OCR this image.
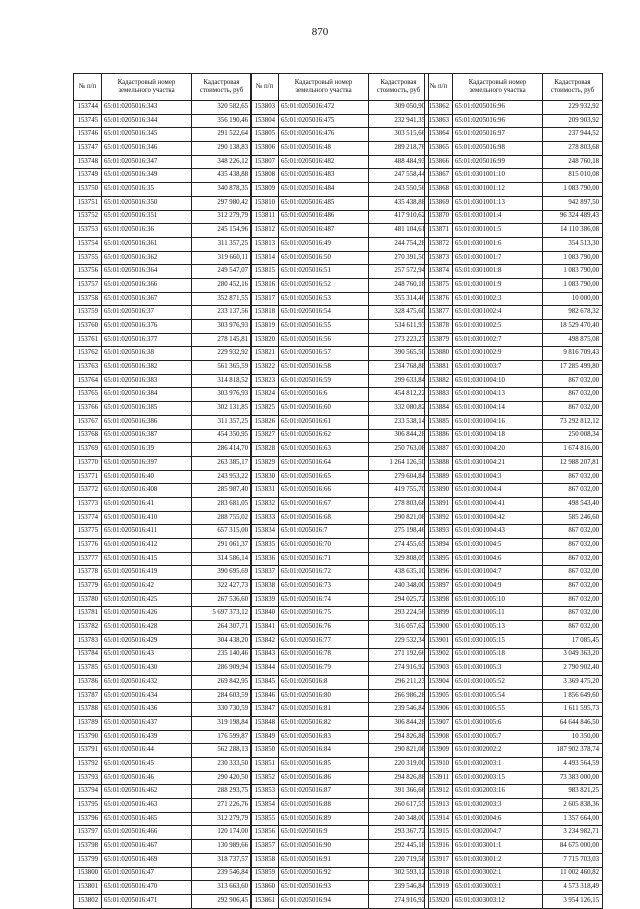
870
№ п/п	Кадастровый номер земельного участка	Кадастровая стоимость, руб
153744	65:01:0205016:343	320 582,65
153745	65:01:0205016:344	356 190,46
153746	65:01:0205016:345	291 522,64
153747	65:01:0205016:346	290 138,83
153748	65:01:0205016:347	348 226,12
153749	65:01:0205016:349	435 438,88
153750	65:01:0205016:35	340 878,35
153751	65:01:0205016:350	297 980,42
153752	65:01:0205016:351	312 279,79
153753	65:01:0205016:36	245 154,96
153754	65:01:0205016:361	311 357,25
153755	65:01:0205016:362	319 660,11
153756	65:01:0205016:364	249 547,07
153757	65:01:0205016:366	280 452,16
153758	65:01:0205016:367	352 871,55
153759	65:01:0205016:37	233 137,56
153760	65:01:0205016:376	303 976,93
153761	65:01:0205016:377	278 145,81
153762	65:01:0205016:38	229 932,92
153763	65:01:0205016:382	561 365,59
153764	65:01:0205016:383	314 818,52
153765	65:01:0205016:384	303 976,93
153766	65:01:0205016:385	302 131,85
153767	65:01:0205016:386	311 357,25
153768	65:01:0205016:387	454 350,95
153769	65:01:0205016:39	286 414,70
153770	65:01:0205016:397	263 385,17
153771	65:01:0205016:40	243 953,22
153772	65:01:0205016:408	285 987,40
153773	65:01:0205016:41	283 681,05
153774	65:01:0205016:410	288 755,02
153775	65:01:0205016:411	657 315,00
153776	65:01:0205016:412	291 061,37
153777	65:01:0205016:415	314 586,14
153778	65:01:0205016:419	390 695,69
153779	65:01:0205016:42	322 427,73
153780	65:01:0205016:425	267 536,60
153781	65:01:0205016:426	5 697 373,12
153782	65:01:0205016:428	264 307,71
153783	65:01:0205016:429	304 438,20
153784	65:01:0205016:43	235 140,46
153785	65:01:0205016:430	286 909,94
153786	65:01:0205016:432	269 842,95
153787	65:01:0205016:434	284 603,59
153788	65:01:0205016:436	330 730,59
153789	65:01:0205016:437	319 198,84
153790	65:01:0205016:439	176 599,87
153791	65:01:0205016:44	562 288,13
153792	65:01:0205016:45	230 333,50
153793	65:01:0205016:46	290 420,50
153794	65:01:0205016:462	288 293,75
153795	65:01:0205016:463	271 226,76
153796	65:01:0205016:465	312 279,79
153797	65:01:0205016:466	120 174,00
153798	65:01:0205016:467	130 989,66
153799	65:01:0205016:469	318 737,57
153800	65:01:0205016:47	239 546,84
153801	65:01:0205016:470	313 663,60
153802	65:01:0205016:471	292 906,45
№ п/п	Кадастровый номер земельного участка	Кадастровая стоимость, руб
153803	65:01:0205016:472	309 050,90
153804	65:01:0205016:475	232 941,35
153805	65:01:0205016:476	303 515,66
153806	65:01:0205016:48	289 218,76
153807	65:01:0205016:482	488 484,93
153808	65:01:0205016:483	247 558,44
153809	65:01:0205016:484	243 550,56
153810	65:01:0205016:485	435 438,88
153811	65:01:0205016:486	417 910,62
153812	65:01:0205016:487	481 104,61
153813	65:01:0205016:49	244 754,28
153814	65:01:0205016:50	270 391,50
153815	65:01:0205016:51	257 572,94
153816	65:01:0205016:52	248 760,18
153817	65:01:0205016:53	355 314,46
153818	65:01:0205016:54	328 475,60
153819	65:01:0205016:55	534 611,93
153820	65:01:0205016:56	273 223,27
153821	65:01:0205016:57	390 565,50
153822	65:01:0205016:58	234 768,88
153823	65:01:0205016:59	299 633,84
153824	65:01:0205016:6	454 812,22
153825	65:01:0205016:60	332 080,82
153826	65:01:0205016:61	233 538,14
153827	65:01:0205016:62	306 844,28
153828	65:01:0205016:63	250 763,08
153829	65:01:0205016:64	1 264 126,50
153830	65:01:0205016:65	279 604,84
153831	65:01:0205016:66	419 755,70
153832	65:01:0205016:67	278 803,68
153833	65:01:0205016:68	290 821,08
153834	65:01:0205016:7	275 198,46
153835	65:01:0205016:70	274 455,65
153836	65:01:0205016:71	329 808,05
153837	65:01:0205016:72	438 635,10
153838	65:01:0205016:73	240 348,00
153839	65:01:0205016:74	294 025,72
153840	65:01:0205016:75	293 224,56
153841	65:01:0205016:76	316 057,62
153842	65:01:0205016:77	229 532,34
153843	65:01:0205016:78	271 192,66
153844	65:01:0205016:79	274 916,92
153845	65:01:0205016:8	296 211,23
153846	65:01:0205016:80	266 986,28
153847	65:01:0205016:81	239 546,84
153848	65:01:0205016:82	306 844,28
153849	65:01:0205016:83	294 826,88
153850	65:01:0205016:84	290 821,08
153851	65:01:0205016:85	220 319,00
153852	65:01:0205016:86	294 826,88
153853	65:01:0205016:87	391 366,66
153854	65:01:0205016:88	260 617,55
153855	65:01:0205016:89	240 348,00
153856	65:01:0205016:9	293 367,72
153857	65:01:0205016:90	292 445,18
153858	65:01:0205016:91	220 719,58
153859	65:01:0205016:92	302 593,12
153860	65:01:0205016:93	239 546,84
153861	65:01:0205016:94	274 916,92
№ п/п	Кадастровый номер земельного участка	Кадастровая стоимость, руб
153862	65:01:0205016:96	229 932,92
153863	65:01:0205016:96	209 903,92
153864	65:01:0205016:97	237 944,52
153865	65:01:0205016:98	278 803,68
153866	65:01:0205016:99	248 760,18
153867	65:01:0301001:10	815 010,08
153868	65:01:0301001:12	1 083 790,00
153869	65:01:0301001:13	942 897,50
153870	65:01:0301001:4	96 324 489,43
153871	65:01:0301001:5	14 110 386,08
153872	65:01:0301001:6	354 513,30
153873	65:01:0301001:7	1 083 790,00
153874	65:01:0301001:8	1 083 790,00
153875	65:01:0301001:9	1 083 790,00
153876	65:01:0301002:3	10 000,00
153877	65:01:0301002:4	982 678,32
153878	65:01:0301002:5	18 529 470,40
153879	65:01:0301002:7	498 875,08
153880	65:01:0301002:9	9 816 709,43
153881	65:01:0301003:7	17 285 499,80
153882	65:01:0301004:10	867 032,00
153883	65:01:0301004:13	867 032,00
153884	65:01:0301004:14	867 032,00
153885	65:01:0301004:16	73 292 812,12
153886	65:01:0301004:18	250 008,34
153887	65:01:0301004:20	1 674 816,00
153888	65:01:0301004:21	12 988 207,81
153889	65:01:0301004:3	867 032,00
153890	65:01:0301004:4	867 032,00
153891	65:01:0301004:41	498 543,40
153892	65:01:0301004:42	585 246,60
153893	65:01:0301004:43	867 032,00
153894	65:01:0301004:5	867 032,00
153895	65:01:0301004:6	867 032,00
153896	65:01:0301004:7	867 032,00
153897	65:01:0301004:9	867 032,00
153898	65:01:0301005:10	867 032,00
153899	65:01:0301005:11	867 032,00
153900	65:01:0301005:13	867 032,00
153901	65:01:0301005:15	17 085,45
153902	65:01:0301005:18	3 049 363,20
153903	65:01:0301005:3	2 790 902,40
153904	65:01:0301005:52	3 369 475,20
153905	65:01:0301005:54	1 856 649,60
153906	65:01:0301005:55	1 611 595,73
153907	65:01:0301005:6	64 644 846,50
153908	65:01:0301005:7	10 350,00
153909	65:01:0302002:2	187 902 378,74
153910	65:01:0302003:1	4 493 564,59
153911	65:01:0302003:15	73 383 000,00
153912	65:01:0302003:16	983 821,25
153913	65:01:0302003:3	2 605 838,36
153914	65:01:0302004:6	1 357 664,00
153915	65:01:0302004:7	3 234 982,71
153916	65:01:0303001:1	84 675 000,00
153917	65:01:0303001:2	7 715 703,03
153918	65:01:0303002:1	11 002 460,82
153919	65:01:0303003:1	4 573 318,49
153920	65:01:0303003:12	3 954 126,15
